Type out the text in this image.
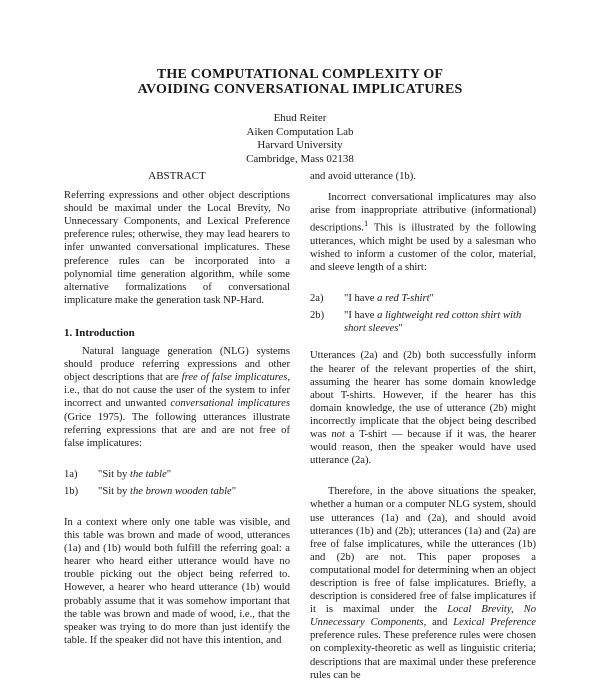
THE COMPUTATIONAL COMPLEXITY OF
AVOIDING CONVERSATIONAL IMPLICATURES
Ehud Reiter
Aiken Computation Lab
Harvard University
Cambridge, Mass 02138
ABSTRACT

Referring expressions and other object descriptions should be maximal under the Local Brevity, No Unnecessary Components, and Lexical Preference preference rules; otherwise, they may lead hearers to infer unwanted conversational implicatures. These preference rules can be incorporated into a polynomial time generation algorithm, while some alternative formalizations of conversational implicature make the generation task NP-Hard.

1. Introduction

Natural language generation (NLG) systems should produce referring expressions and other object descriptions that are free of false implicatures, i.e., that do not cause the user of the system to infer incorrect and unwanted conversational implicatures (Grice 1975). The following utterances illustrate referring expressions that are and are not free of false implicatures:

1a)	"Sit by the table"
1b)	"Sit by the brown wooden table"

In a context where only one table was visible, and this table was brown and made of wood, utterances (1a) and (1b) would both fulfill the referring goal: a hearer who heard either utterance would have no trouble picking out the object being referred to. However, a hearer who heard utterance (1b) would probably assume that it was somehow important that the table was brown and made of wood, i.e., that the speaker was trying to do more than just identify the table. If the speaker did not have this intention, and

and avoid utterance (1b).

Incorrect conversational implicatures may also arise from inappropriate attributive (informational) descriptions.$^1$ This is illustrated by the following utterances, which might be used by a salesman who wished to inform a customer of the color, material, and sleeve length of a shirt:

2a)	"I have a red T-shirt"
2b)	"I have a lightweight red cotton shirt with short sleeves"

Utterances (2a) and (2b) both successfully inform the hearer of the relevant properties of the shirt, assuming the hearer has some domain knowledge about T-shirts. However, if the hearer has this domain knowledge, the use of utterance (2b) might incorrectly implicate that the object being described was not a T-shirt — because if it was, the hearer would reason, then the speaker would have used utterance (2a).

Therefore, in the above situations the speaker, whether a human or a computer NLG system, should use utterances (1a) and (2a), and should avoid utterances (1b) and (2b); utterances (1a) and (2a) are free of false implicatures, while the utterances (1b) and (2b) are not. This paper proposes a computational model for determining when an object description is free of false implicatures. Briefly, a description is considered free of false implicatures if it is maximal under the Local Brevity, No Unnecessary Components, and Lexical Preference preference rules. These preference rules were chosen on complexity-theoretic as well as linguistic criteria; descriptions that are maximal under these preference rules can be
